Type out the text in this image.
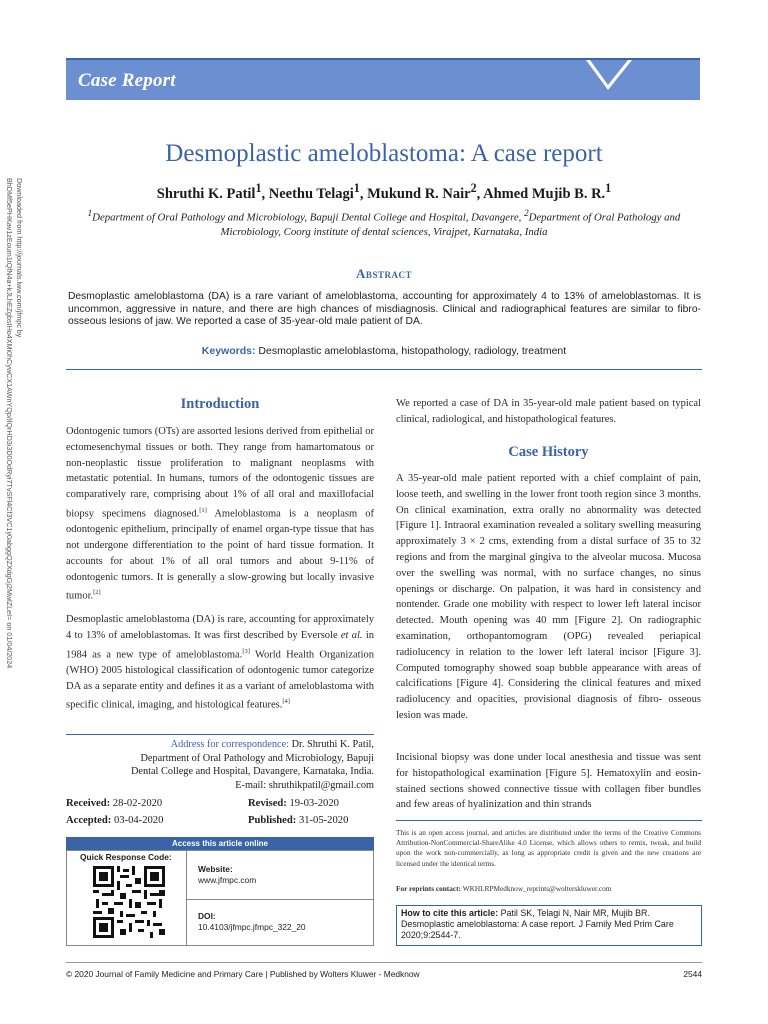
Case Report
Downloaded from http://journals.lww.com/jfmpc by BhDMf5ePHKav1zEoum1tQfN4a+kJLhEZgbsIHo4XMi0hCywCX1AWnYQp/IlQrHD3i3D0OdRyi7TvSFl4Cf3VC1y0abggQZXdgGj2MwlZLeI= on 01/04/2024
Desmoplastic ameloblastoma: A case report
Shruthi K. Patil$^1$, Neethu Telagi$^1$, Mukund R. Nair$^2$, Ahmed Mujib B. R.$^1$
$^1$Department of Oral Pathology and Microbiology, Bapuji Dental College and Hospital, Davangere, $^2$Department of Oral Pathology and Microbiology, Coorg institute of dental sciences, Virajpet, Karnataka, India
Abstract
Desmoplastic ameloblastoma (DA) is a rare variant of ameloblastoma, accounting for approximately 4 to 13% of ameloblastomas. It is uncommon, aggressive in nature, and there are high chances of misdiagnosis. Clinical and radiographical features are similar to fibro-osseous lesions of jaw. We reported a case of 35-year-old male patient of DA.
Keywords: Desmoplastic ameloblastoma, histopathology, radiology, treatment
Introduction
Odontogenic tumors (OTs) are assorted lesions derived from epithelial or ectomesenchymal tissues or both. They range from hamartomatous or non-neoplastic tissue proliferation to malignant neoplasms with metastatic potential. In humans, tumors of the odontogenic tissues are comparatively rare, comprising about 1% of all oral and maxillofacial biopsy specimens diagnosed.[1] Ameloblastoma is a neoplasm of odontogenic epithelium, principally of enamel organ-type tissue that has not undergone differentiation to the point of hard tissue formation. It accounts for about 1% of all oral tumors and about 9-11% of odontogenic tumors. It is generally a slow-growing but locally invasive tumor.[2]
Desmoplastic ameloblastoma (DA) is rare, accounting for approximately 4 to 13% of ameloblastomas. It was first described by Eversole et al. in 1984 as a new type of ameloblastoma.[3] World Health Organization (WHO) 2005 histological classification of odontogenic tumor categorize DA as a separate entity and defines it as a variant of ameloblastoma with specific clinical, imaging, and histological features.[4]
Address for correspondence: Dr. Shruthi K. Patil,
Department of Oral Pathology and Microbiology, Bapuji
Dental College and Hospital, Davangere, Karnataka, India.
E-mail: shruthikpatil@gmail.com
Received: 28-02-2020
Accepted: 03-04-2020
Revised: 19-03-2020
Published: 31-05-2020
Access this article online
Quick Response Code:
Website:
www.jfmpc.com
DOI:
10.4103/jfmpc.jfmpc_322_20
We reported a case of DA in 35-year-old male patient based on typical clinical, radiological, and histopathological features.
Case History
A 35-year-old male patient reported with a chief complaint of pain, loose teeth, and swelling in the lower front tooth region since 3 months. On clinical examination, extra orally no abnormality was detected [Figure 1]. Intraoral examination revealed a solitary swelling measuring approximately 3 × 2 cms, extending from a distal surface of 35 to 32 regions and from the marginal gingiva to the alveolar mucosa. Mucosa over the swelling was normal, with no surface changes, no sinus openings or discharge. On palpation, it was hard in consistency and nontender. Grade one mobility with respect to lower left lateral incisor detected. Mouth opening was 40 mm [Figure 2]. On radiographic examination, orthopantomogram (OPG) revealed periapical radiolucency in relation to the lower left lateral incisor [Figure 3]. Computed tomography showed soap bubble appearance with areas of calcifications [Figure 4]. Considering the clinical features and mixed radiolucency and opacities, provisional diagnosis of fibro- osseous lesion was made.
Incisional biopsy was done under local anesthesia and tissue was sent for histopathological examination [Figure 5]. Hematoxylin and eosin-stained sections showed connective tissue with collagen fiber bundles and few areas of hyalinization and thin strands
This is an open access journal, and articles are distributed under the terms of the Creative Commons Attribution-NonCommercial-ShareAlike 4.0 License, which allows others to remix, tweak, and build upon the work non-commercially, as long as appropriate credit is given and the new creations are licensed under the identical terms.
For reprints contact: WKHLRPMedknow_reprints@wolterskluwer.com
How to cite this article: Patil SK, Telagi N, Nair MR, Mujib BR. Desmoplastic ameloblastoma: A case report. J Family Med Prim Care 2020;9:2544-7.
© 2020 Journal of Family Medicine and Primary Care | Published by Wolters Kluwer - Medknow	2544
